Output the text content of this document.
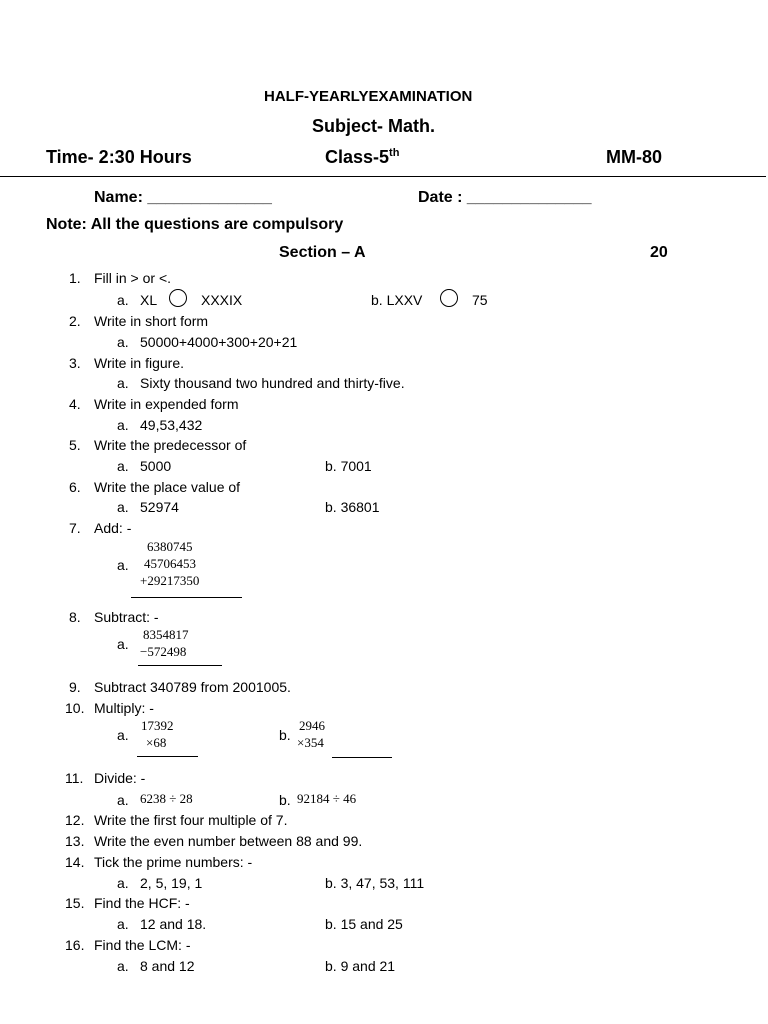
HALF-YEARLYEXAMINATION
Subject- Math.
Time- 2:30 Hours	Class-5th	MM-80
Name: ______________	Date : ______________
Note: All the questions are compulsory
Section – A	20
1. Fill in > or <.
a. XL	XXXIX	b. LXXV	75
2. Write in short form
a. 50000+4000+300+20+21
3. Write in figure.
a. Sixty thousand two hundred and thirty-five.
4. Write in expended form
a. 49,53,432
5. Write the predecessor of
a. 5000	b. 7001
6. Write the place value of
a. 52974	b. 36801
7. Add: -
6380745
a. 45706453
+29217350
8. Subtract: -
8354817
a. −572498
9. Subtract 340789 from 2001005.
10. Multiply: -
17392
a. ×68
2946
b. ×354
11. Divide: -
a. 6238 ÷ 28	b. 92184 ÷ 46
12. Write the first four multiple of 7.
13. Write the even number between 88 and 99.
14. Tick the prime numbers: -
a. 2, 5, 19, 1	b. 3, 47, 53, 111
15. Find the HCF: -
a. 12 and 18.	b. 15 and 25
16. Find the LCM: -
a. 8 and 12	b. 9 and 21
